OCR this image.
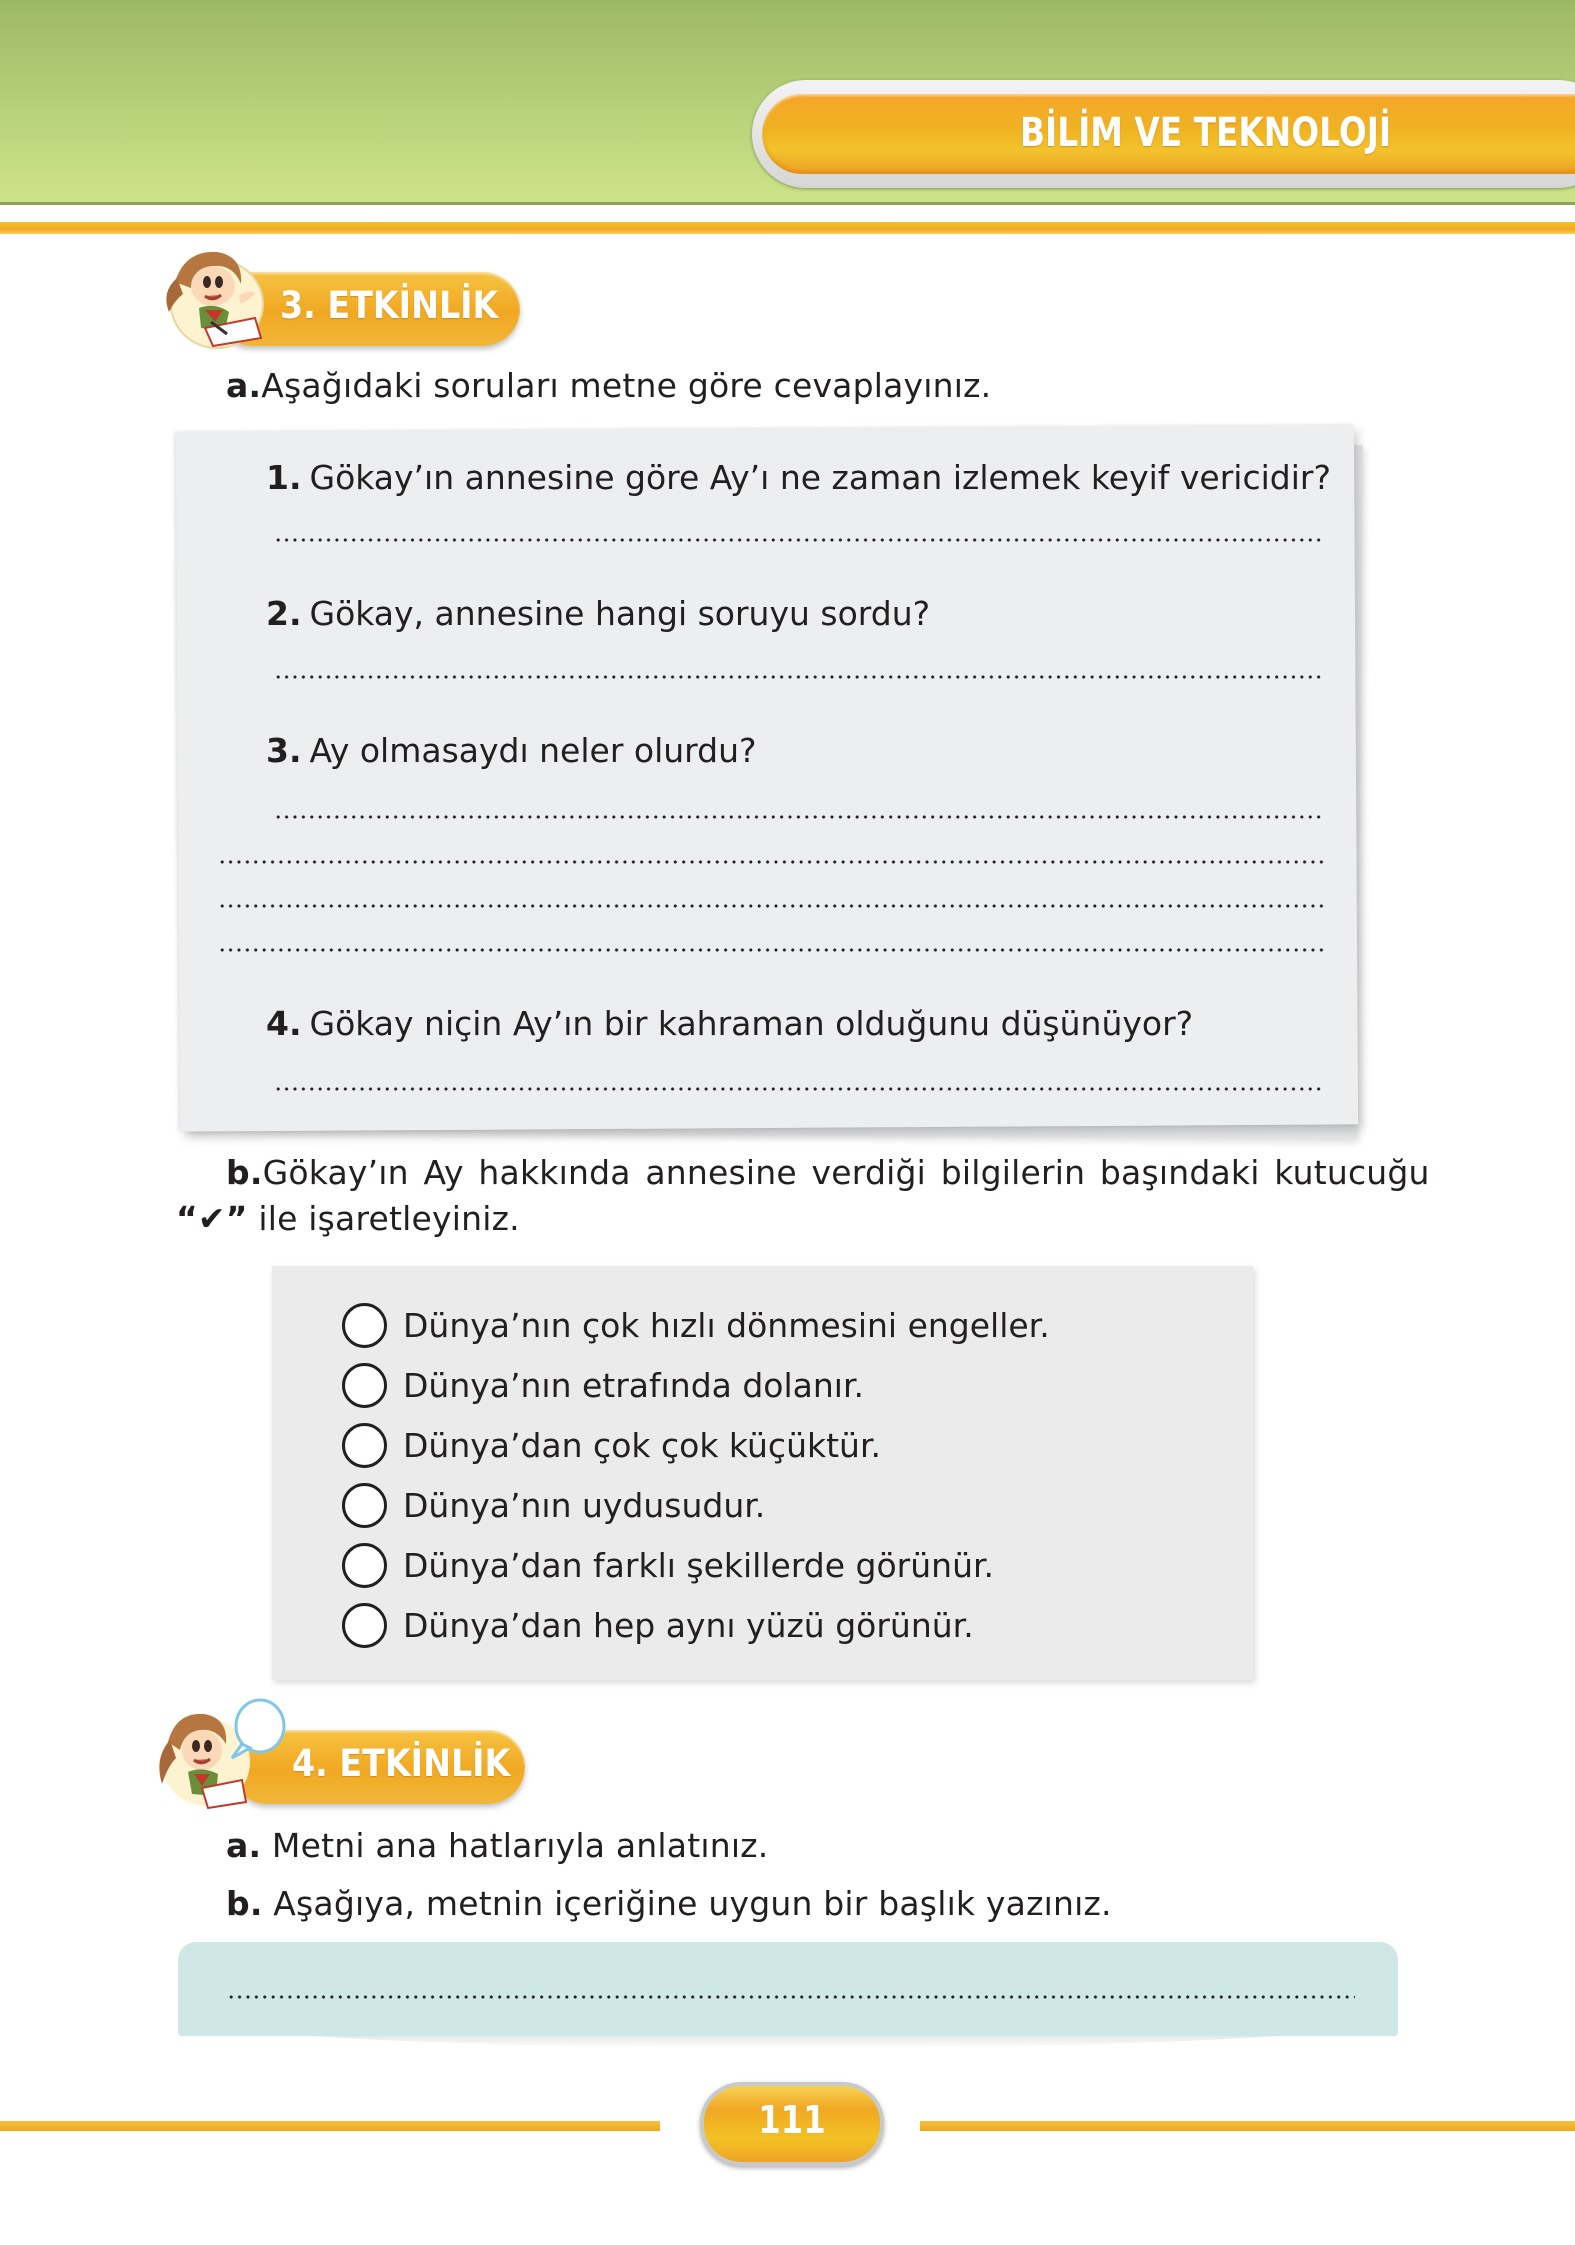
BİLİM VE TEKNOLOJİ
3. ETKİNLİK
a.Aşağıdaki soruları metne göre cevaplayınız.
1. Gökay’ın annesine göre Ay’ı ne zaman izlemek keyif vericidir?
2. Gökay, annesine hangi soruyu sordu?
3. Ay olmasaydı neler olurdu?
4. Gökay niçin Ay’ın bir kahraman olduğunu düşünüyor?
b.Gökay’ın Ay hakkında annesine verdiği bilgilerin başındaki kutucuğu
“✔” ile işaretleyiniz.
Dünya’nın çok hızlı dönmesini engeller.
Dünya’nın etrafında dolanır.
Dünya’dan çok çok küçüktür.
Dünya’nın uydusudur.
Dünya’dan farklı şekillerde görünür.
Dünya’dan hep aynı yüzü görünür.
4. ETKİNLİK
a. Metni ana hatlarıyla anlatınız.
b. Aşağıya, metnin içeriğine uygun bir başlık yazınız.
111
